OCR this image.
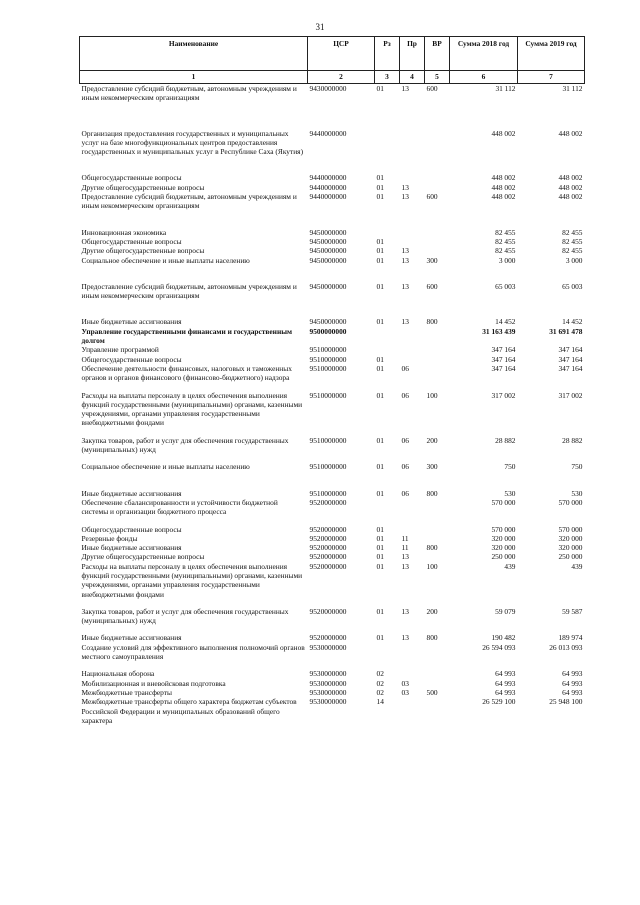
31
Наименование	ЦСР	Рз	Пр	ВР	Сумма 2018 год	Сумма 2019 год
1	2	3	4	5	6	7
Предоставление субсидий бюджетным, автономным учреждениям и иным некоммерческим организациям	9430000000	01	13	600	31 112	31 112
Организация предоставления государственных и муниципальных услуг на базе многофункциональных центров предоставления государственных и муниципальных услуг в Республике Саха (Якутия)	9440000000				448 002	448 002
Общегосударственные вопросы	9440000000	01			448 002	448 002
Другие общегосударственные вопросы	9440000000	01	13		448 002	448 002
Предоставление субсидий бюджетным, автономным учреждениям и иным некоммерческим организациям	9440000000	01	13	600	448 002	448 002
Инновационная экономика	9450000000				82 455	82 455
Общегосударственные вопросы	9450000000	01			82 455	82 455
Другие общегосударственные вопросы	9450000000	01	13		82 455	82 455
Социальное обеспечение и иные выплаты населению	9450000000	01	13	300	3 000	3 000
Предоставление субсидий бюджетным, автономным учреждениям и иным некоммерческим организациям	9450000000	01	13	600	65 003	65 003
Иные бюджетные ассигнования	9450000000	01	13	800	14 452	14 452
Управление государственными финансами и государственным долгом	9500000000				31 163 439	31 691 478
Управление программой	9510000000				347 164	347 164
Общегосударственные вопросы	9510000000	01			347 164	347 164
Обеспечение деятельности финансовых, налоговых и таможенных органов и органов финансового (финансово-бюджетного) надзора	9510000000	01	06		347 164	347 164
Расходы на выплаты персоналу в целях обеспечения выполнения функций государственными (муниципальными) органами, казенными учреждениями, органами управления государственными внебюджетными фондами	9510000000	01	06	100	317 002	317 002
Закупка товаров, работ и услуг для обеспечения государственных (муниципальных) нужд	9510000000	01	06	200	28 882	28 882
Социальное обеспечение и иные выплаты населению	9510000000	01	06	300	750	750
Иные бюджетные ассигнования	9510000000	01	06	800	530	530
Обеспечение сбалансированности и устойчивости бюджетной системы и организации бюджетного процесса	9520000000				570 000	570 000
Общегосударственные вопросы	9520000000	01			570 000	570 000
Резервные фонды	9520000000	01	11		320 000	320 000
Иные бюджетные ассигнования	9520000000	01	11	800	320 000	320 000
Другие общегосударственные вопросы	9520000000	01	13		250 000	250 000
Расходы на выплаты персоналу в целях обеспечения выполнения функций государственными (муниципальными) органами, казенными учреждениями, органами управления государственными внебюджетными фондами	9520000000	01	13	100	439	439
Закупка товаров, работ и услуг для обеспечения государственных (муниципальных) нужд	9520000000	01	13	200	59 079	59 587
Иные бюджетные ассигнования	9520000000	01	13	800	190 482	189 974
Создание условий для эффективного выполнения полномочий органов местного самоуправления	9530000000				26 594 093	26 013 093
Национальная оборона	9530000000	02			64 993	64 993
Мобилизационная и вневойсковая подготовка	9530000000	02	03		64 993	64 993
Межбюджетные трансферты	9530000000	02	03	500	64 993	64 993
Межбюджетные трансферты общего характера бюджетам субъектов Российской Федерации и муниципальных образований общего характера	9530000000	14			26 529 100	25 948 100
